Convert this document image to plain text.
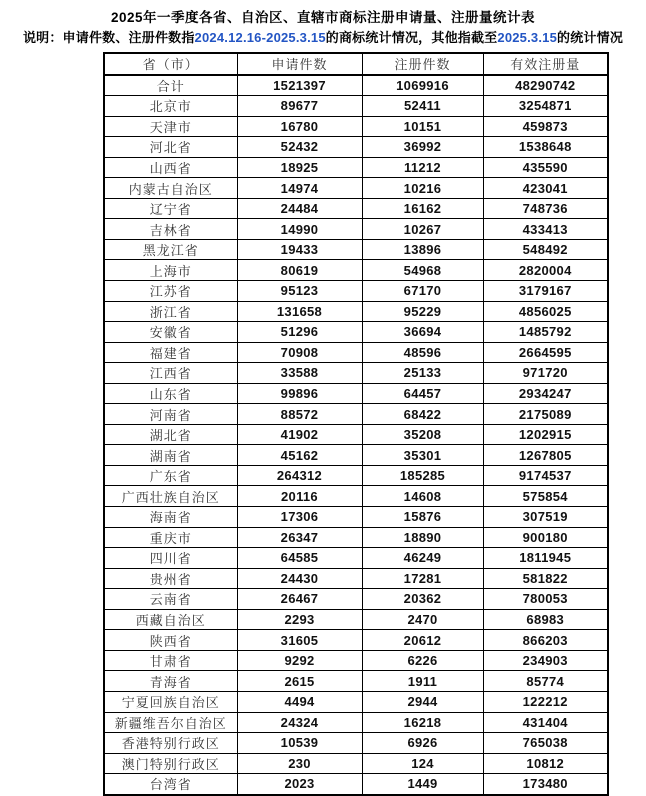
2025年一季度各省、自治区、直辖市商标注册申请量、注册量统计表
说明：申请件数、注册件数指2024.12.16-2025.3.15的商标统计情况，其他指截至2025.3.15的统计情况
省（市）	申请件数	注册件数	有效注册量
合计	1521397	1069916	48290742
北京市	89677	52411	3254871
天津市	16780	10151	459873
河北省	52432	36992	1538648
山西省	18925	11212	435590
内蒙古自治区	14974	10216	423041
辽宁省	24484	16162	748736
吉林省	14990	10267	433413
黑龙江省	19433	13896	548492
上海市	80619	54968	2820004
江苏省	95123	67170	3179167
浙江省	131658	95229	4856025
安徽省	51296	36694	1485792
福建省	70908	48596	2664595
江西省	33588	25133	971720
山东省	99896	64457	2934247
河南省	88572	68422	2175089
湖北省	41902	35208	1202915
湖南省	45162	35301	1267805
广东省	264312	185285	9174537
广西壮族自治区	20116	14608	575854
海南省	17306	15876	307519
重庆市	26347	18890	900180
四川省	64585	46249	1811945
贵州省	24430	17281	581822
云南省	26467	20362	780053
西藏自治区	2293	2470	68983
陕西省	31605	20612	866203
甘肃省	9292	6226	234903
青海省	2615	1911	85774
宁夏回族自治区	4494	2944	122212
新疆维吾尔自治区	24324	16218	431404
香港特别行政区	10539	6926	765038
澳门特别行政区	230	124	10812
台湾省	2023	1449	173480
